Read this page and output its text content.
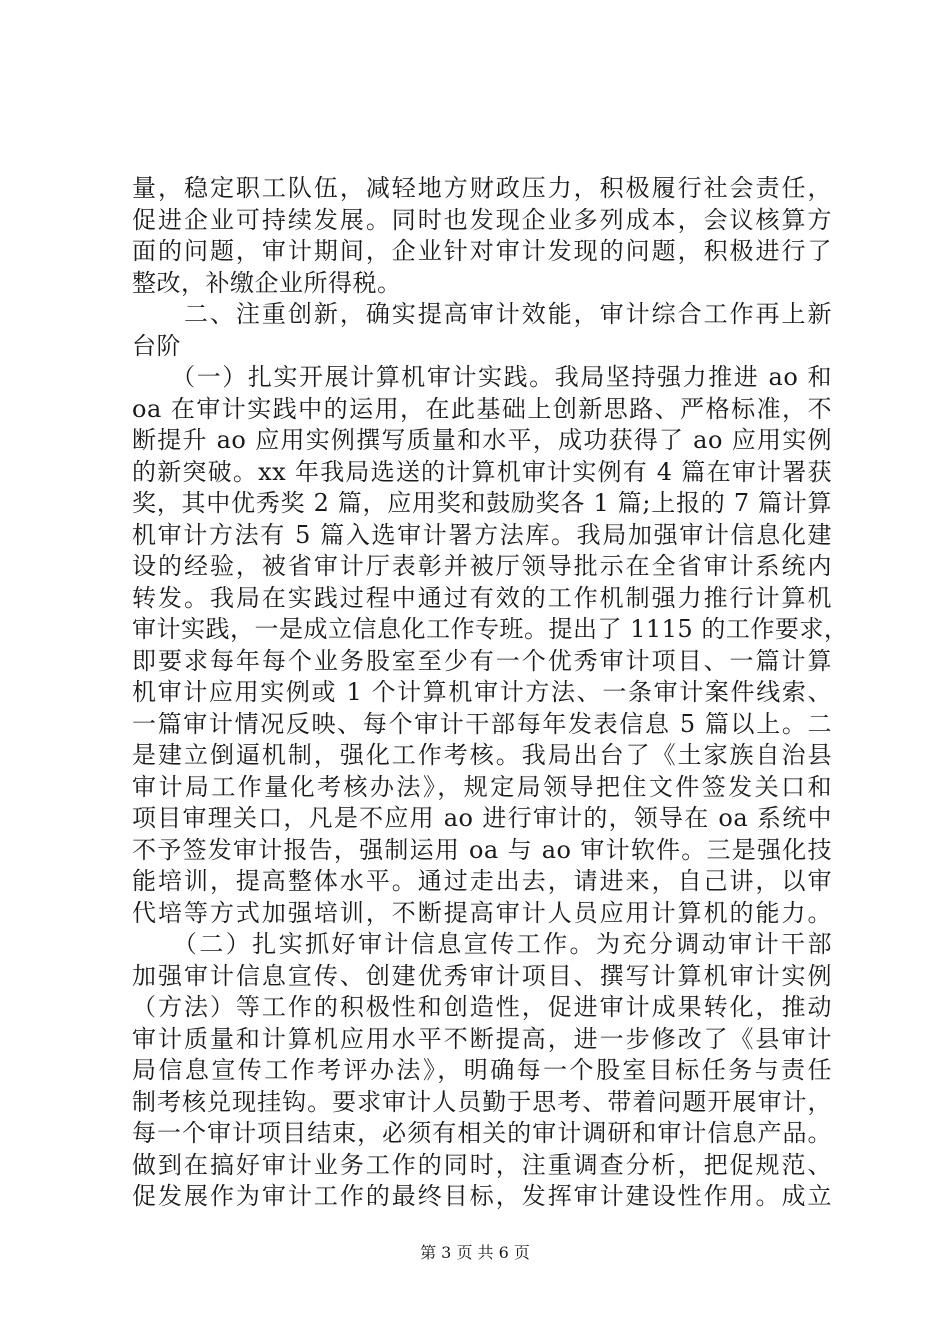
量，稳定职工队伍，减轻地方财政压力，积极履行社会责任，
促进企业可持续发展。同时也发现企业多列成本，会议核算方
面的问题，审计期间，企业针对审计发现的问题，积极进行了
整改，补缴企业所得税。
　　二、注重创新，确实提高审计效能，审计综合工作再上新
台阶
　　（一）扎实开展计算机审计实践。我局坚持强力推进 ao 和
oa 在审计实践中的运用，在此基础上创新思路、严格标准，不
断提升 ao 应用实例撰写质量和水平，成功获得了 ao 应用实例
的新突破。xx 年我局选送的计算机审计实例有 4 篇在审计署获
奖，其中优秀奖 2 篇，应用奖和鼓励奖各 1 篇;上报的 7 篇计算
机审计方法有 5 篇入选审计署方法库。我局加强审计信息化建
设的经验，被省审计厅表彰并被厅领导批示在全省审计系统内
转发。我局在实践过程中通过有效的工作机制强力推行计算机
审计实践，一是成立信息化工作专班。提出了 1115 的工作要求，
即要求每年每个业务股室至少有一个优秀审计项目、一篇计算
机审计应用实例或 1 个计算机审计方法、一条审计案件线索、
一篇审计情况反映、每个审计干部每年发表信息 5 篇以上。二
是建立倒逼机制，强化工作考核。我局出台了《土家族自治县
审计局工作量化考核办法》，规定局领导把住文件签发关口和
项目审理关口，凡是不应用 ao 进行审计的，领导在 oa 系统中
不予签发审计报告，强制运用 oa 与 ao 审计软件。三是强化技
能培训，提高整体水平。通过走出去，请进来，自己讲，以审
代培等方式加强培训，不断提高审计人员应用计算机的能力。
　　（二）扎实抓好审计信息宣传工作。为充分调动审计干部
加强审计信息宣传、创建优秀审计项目、撰写计算机审计实例
（方法）等工作的积极性和创造性，促进审计成果转化，推动
审计质量和计算机应用水平不断提高，进一步修改了《县审计
局信息宣传工作考评办法》，明确每一个股室目标任务与责任
制考核兑现挂钩。要求审计人员勤于思考、带着问题开展审计，
每一个审计项目结束，必须有相关的审计调研和审计信息产品。
做到在搞好审计业务工作的同时，注重调查分析，把促规范、
促发展作为审计工作的最终目标，发挥审计建设性作用。成立
第 3 页 共 6 页
